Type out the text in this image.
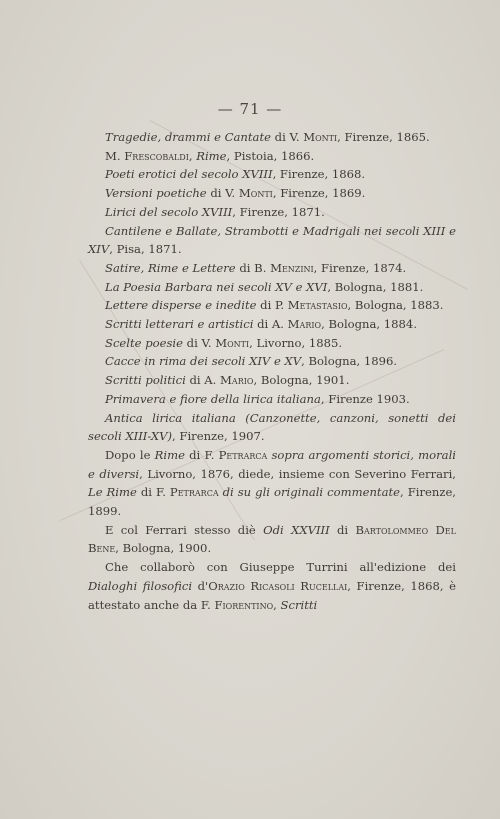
— 71 —

Tragedie, drammi e Cantate di V. Monti, Firenze, 1865.

M. Frescobaldi, Rime, Pistoia, 1866.

Poeti erotici del secolo XVIII, Firenze, 1868.

Versioni poetiche di V. Monti, Firenze, 1869.

Lirici del secolo XVIII, Firenze, 1871.

Cantilene e Ballate, Strambotti e Madrigali nei secoli XIII e XIV, Pisa, 1871.

Satire, Rime e Lettere di B. Menzini, Firenze, 1874.

La Poesia Barbara nei secoli XV e XVI, Bologna, 1881.

Lettere disperse e inedite di P. Metastasio, Bologna, 1883.

Scritti letterari e artistici di A. Mario, Bologna, 1884.

Scelte poesie di V. Monti, Livorno, 1885.

Cacce in rima dei secoli XIV e XV, Bologna, 1896.

Scritti politici di A. Mario, Bologna, 1901.

Primavera e fiore della lirica italiana, Firenze 1903.

Antica lirica italiana (Canzonette, canzoni, sonetti dei secoli XIII-XV), Firenze, 1907.

Dopo le Rime di F. Petrarca sopra argomenti storici, morali e diversi, Livorno, 1876, diede, insieme con Severino Ferrari, Le Rime di F. Petrarca di su gli originali commentate, Firenze, 1899.

E col Ferrari stesso diè Odi XXVIII di Bartolommeo Del Bene, Bologna, 1900.

Che collaborò con Giuseppe Turrini all'edizione dei Dialoghi filosofici d'Orazio Ricasoli Rucellai, Firenze, 1868, è attestato anche da F. Fiorentino, Scritti
